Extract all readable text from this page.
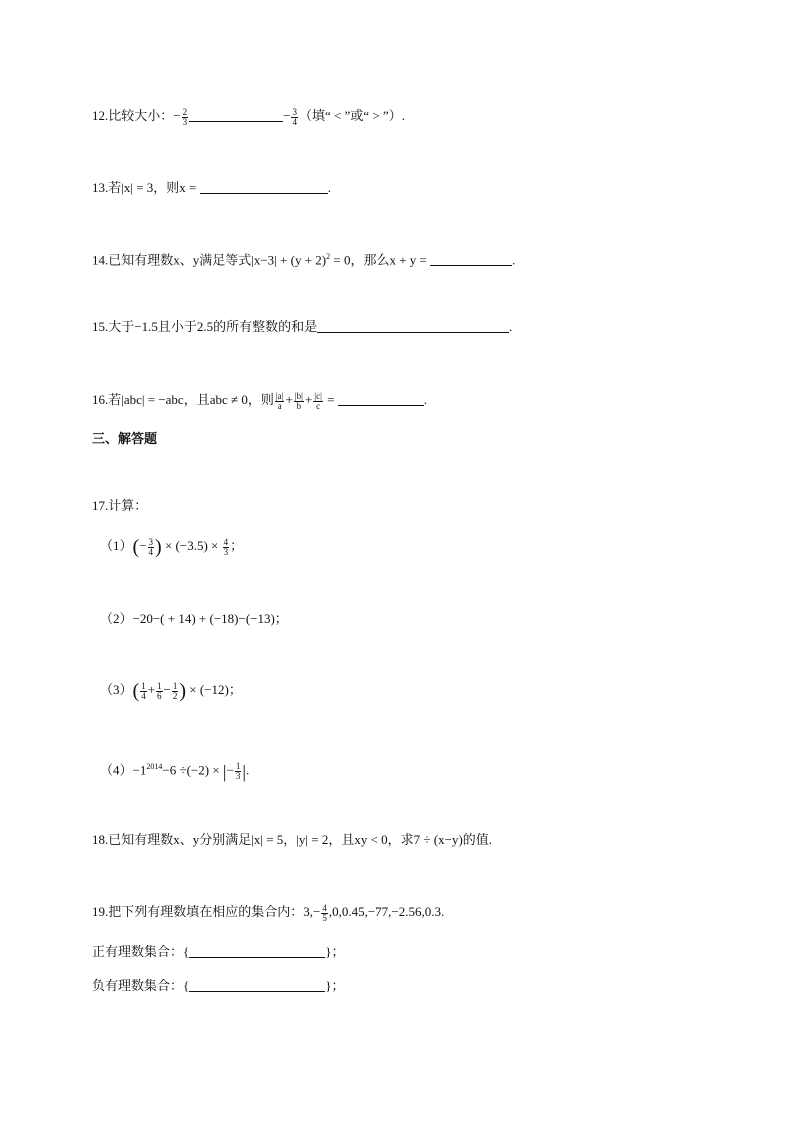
12.比较大小：− $\frac{2}{3}$	− $\frac{3}{4}$ （填“ < ”或“ > ”）.
13.若|x| = 3，则x =	.
14.已知有理数x、y满足等式$|x-3| + (y + 2)^2 = 0$，那么x + y =	.
15.大于−1.5且小于2.5的所有整数的和是	.
16.若|abc| = −abc，且abc ≠ 0，则 $\frac{|a|}{a} + \frac{|b|}{b} + \frac{|c|}{c}$ =	.
三、解答题
17.计算：
$(1)(- \frac{3}{4}$ ) × $(-3.5) \times \frac{4}{3}$ ；
（2）−20−( + 14) + (−18)−(−13)；
$(3)( \frac{1}{4} + \frac{1}{6} - \frac{1}{2}$ ) × (−12)；
$(4)-1^{2014}-6 \div(-2)$ × |− $\frac{1}{3}$ |.
18.已知有理数x、y分别满足|x| = 5，|y| = 2，且xy < 0，求7 ÷ (x−y)的值.
19.把下列有理数填在相应的集合内：$3,- \frac{4}{5} ,0,0.45,-77,-2.56,0.3$.
正有理数集合：{	}；
负有理数集合：{	}；
